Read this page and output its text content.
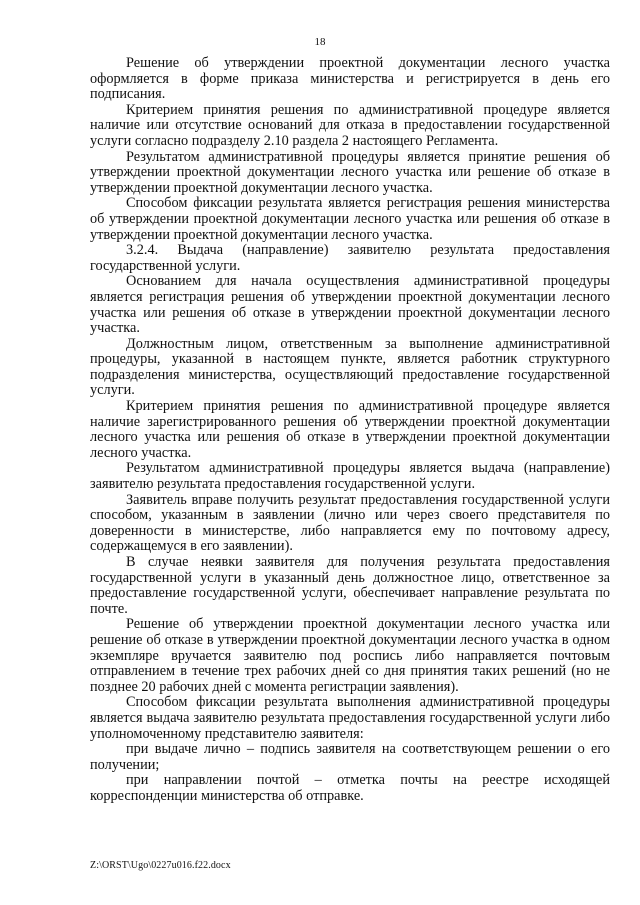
18

Решение об утверждении проектной документации лесного участка оформляется в форме приказа министерства и регистрируется в день его подписания.

Критерием принятия решения по административной процедуре является наличие или отсутствие оснований для отказа в предоставлении государственной услуги согласно подразделу 2.10 раздела 2 настоящего Регламента.

Результатом административной процедуры является принятие решения об утверждении проектной документации лесного участка или решение об отказе в утверждении проектной документации лесного участка.

Способом фиксации результата является регистрация решения министерства об утверждении проектной документации лесного участка или решения об отказе в утверждении проектной документации лесного участка.

3.2.4. Выдача (направление) заявителю результата предоставления государственной услуги.

Основанием для начала осуществления административной процедуры является регистрация решения об утверждении проектной документации лесного участка или решения об отказе в утверждении проектной документации лесного участка.

Должностным лицом, ответственным за выполнение административной процедуры, указанной в настоящем пункте, является работник структурного подразделения министерства, осуществляющий предоставление государственной услуги.

Критерием принятия решения по административной процедуре является наличие зарегистрированного решения об утверждении проектной документации лесного участка или решения об отказе в утверждении проектной документации лесного участка.

Результатом административной процедуры является выдача (направление) заявителю результата предоставления государственной услуги.

Заявитель вправе получить результат предоставления государственной услуги способом, указанным в заявлении (лично или через своего представителя по доверенности в министерстве, либо направляется ему по почтовому адресу, содержащемуся в его заявлении).

В случае неявки заявителя для получения результата предоставления государственной услуги в указанный день должностное лицо, ответственное за предоставление государственной услуги, обеспечивает направление результата по почте.

Решение об утверждении проектной документации лесного участка или решение об отказе в утверждении проектной документации лесного участка в одном экземпляре вручается заявителю под роспись либо направляется почтовым отправлением в течение трех рабочих дней со дня принятия таких решений (но не позднее 20 рабочих дней с момента регистрации заявления).

Способом фиксации результата выполнения административной процедуры является выдача заявителю результата предоставления государственной услуги либо уполномоченному представителю заявителя:

при выдаче лично – подпись заявителя на соответствующем решении о его получении;

при направлении почтой – отметка почты на реестре исходящей корреспонденции министерства об отправке.

Z:\ORST\Ugo\0227u016.f22.docx
